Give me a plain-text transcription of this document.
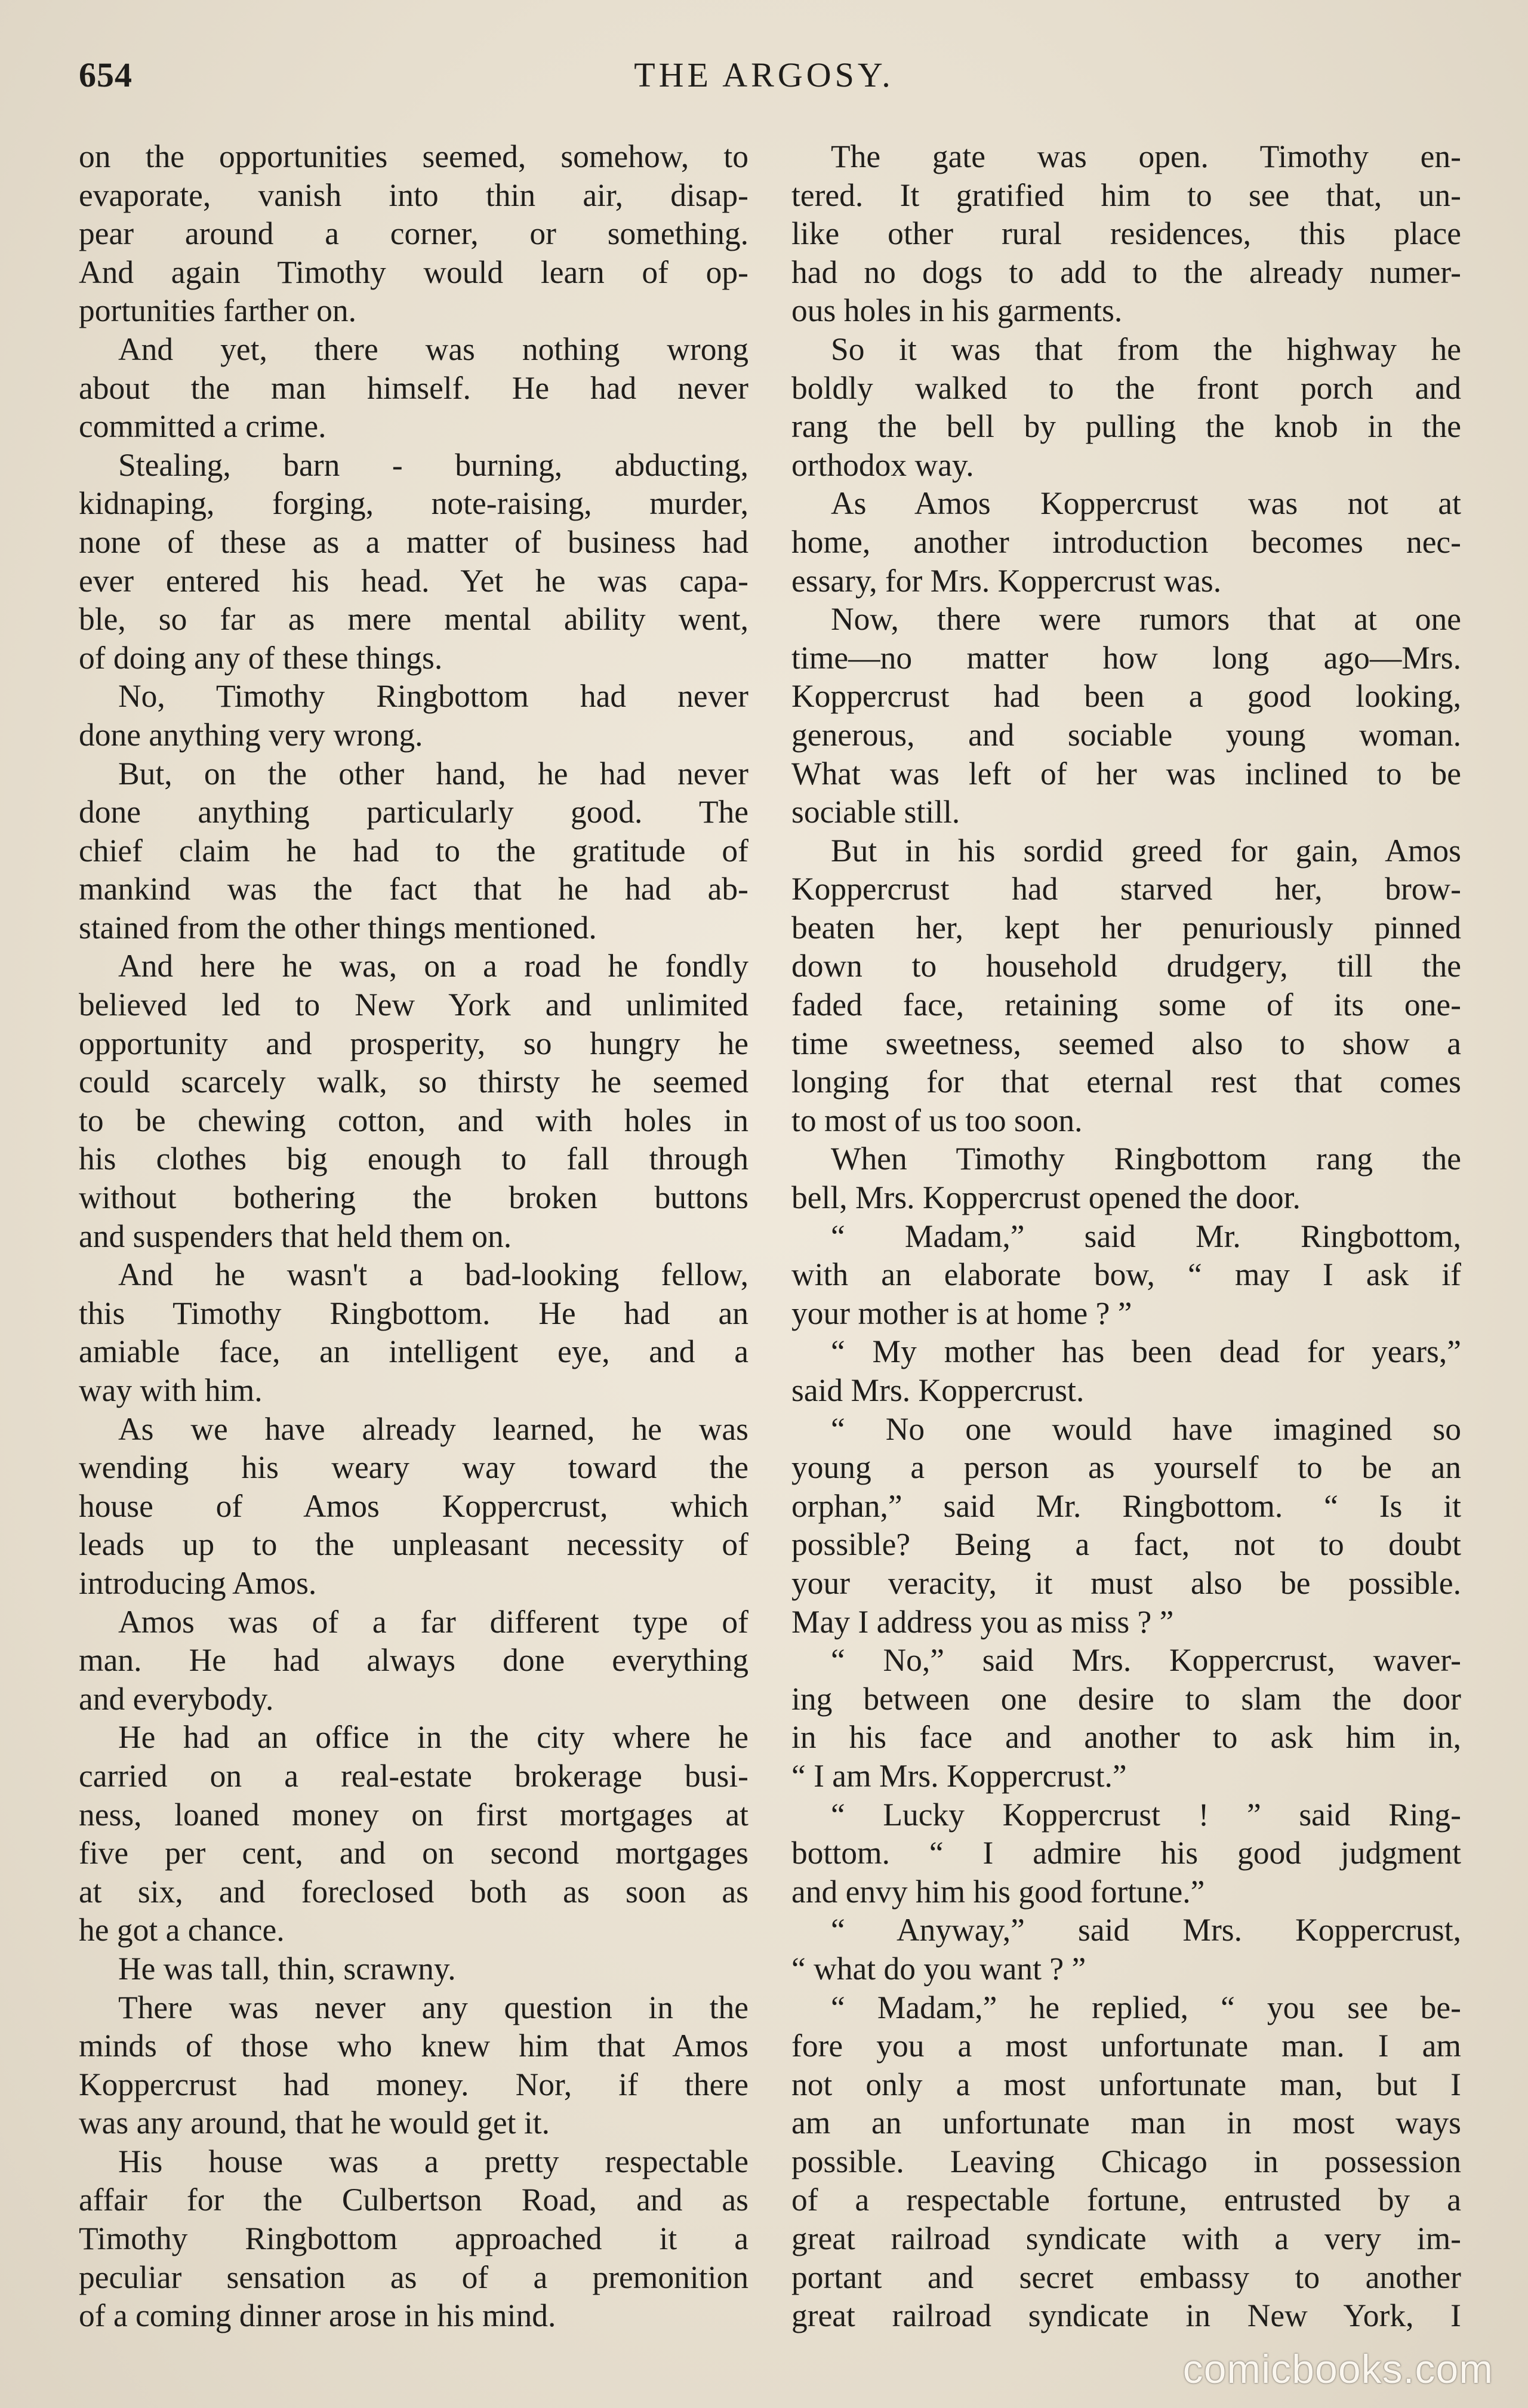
654	THE ARGOSY.
on the opportunities seemed, somehow, to
evaporate, vanish into thin air, disap-
pear around a corner, or something.
And again Timothy would learn of op-
portunities farther on.
And yet, there was nothing wrong
about the man himself. He had never
committed a crime.
Stealing, barn - burning, abducting,
kidnaping, forging, note-raising, murder,
none of these as a matter of business had
ever entered his head. Yet he was capa-
ble, so far as mere mental ability went,
of doing any of these things.
No, Timothy Ringbottom had never
done anything very wrong.
But, on the other hand, he had never
done anything particularly good. The
chief claim he had to the gratitude of
mankind was the fact that he had ab-
stained from the other things mentioned.
And here he was, on a road he fondly
believed led to New York and unlimited
opportunity and prosperity, so hungry he
could scarcely walk, so thirsty he seemed
to be chewing cotton, and with holes in
his clothes big enough to fall through
without bothering the broken buttons
and suspenders that held them on.
And he wasn't a bad-looking fellow,
this Timothy Ringbottom. He had an
amiable face, an intelligent eye, and a
way with him.
As we have already learned, he was
wending his weary way toward the
house of Amos Koppercrust, which
leads up to the unpleasant necessity of
introducing Amos.
Amos was of a far different type of
man. He had always done everything
and everybody.
He had an office in the city where he
carried on a real-estate brokerage busi-
ness, loaned money on first mortgages at
five per cent, and on second mortgages
at six, and foreclosed both as soon as
he got a chance.
He was tall, thin, scrawny.
There was never any question in the
minds of those who knew him that Amos
Koppercrust had money. Nor, if there
was any around, that he would get it.
His house was a pretty respectable
affair for the Culbertson Road, and as
Timothy Ringbottom approached it a
peculiar sensation as of a premonition
of a coming dinner arose in his mind.
The gate was open. Timothy en-
tered. It gratified him to see that, un-
like other rural residences, this place
had no dogs to add to the already numer-
ous holes in his garments.
So it was that from the highway he
boldly walked to the front porch and
rang the bell by pulling the knob in the
orthodox way.
As Amos Koppercrust was not at
home, another introduction becomes nec-
essary, for Mrs. Koppercrust was.
Now, there were rumors that at one
time—no matter how long ago—Mrs.
Koppercrust had been a good looking,
generous, and sociable young woman.
What was left of her was inclined to be
sociable still.
But in his sordid greed for gain, Amos
Koppercrust had starved her, brow-
beaten her, kept her penuriously pinned
down to household drudgery, till the
faded face, retaining some of its one-
time sweetness, seemed also to show a
longing for that eternal rest that comes
to most of us too soon.
When Timothy Ringbottom rang the
bell, Mrs. Koppercrust opened the door.
“ Madam,” said Mr. Ringbottom,
with an elaborate bow, “ may I ask if
your mother is at home ? ”
“ My mother has been dead for years,”
said Mrs. Koppercrust.
“ No one would have imagined so
young a person as yourself to be an
orphan,” said Mr. Ringbottom. “ Is it
possible? Being a fact, not to doubt
your veracity, it must also be possible.
May I address you as miss ? ”
“ No,” said Mrs. Koppercrust, waver-
ing between one desire to slam the door
in his face and another to ask him in,
“ I am Mrs. Koppercrust.”
“ Lucky Koppercrust ! ” said Ring-
bottom. “ I admire his good judgment
and envy him his good fortune.”
“ Anyway,” said Mrs. Koppercrust,
“ what do you want ? ”
“ Madam,” he replied, “ you see be-
fore you a most unfortunate man. I am
not only a most unfortunate man, but I
am an unfortunate man in most ways
possible. Leaving Chicago in possession
of a respectable fortune, entrusted by a
great railroad syndicate with a very im-
portant and secret embassy to another
great railroad syndicate in New York, I
comicbooks.com
